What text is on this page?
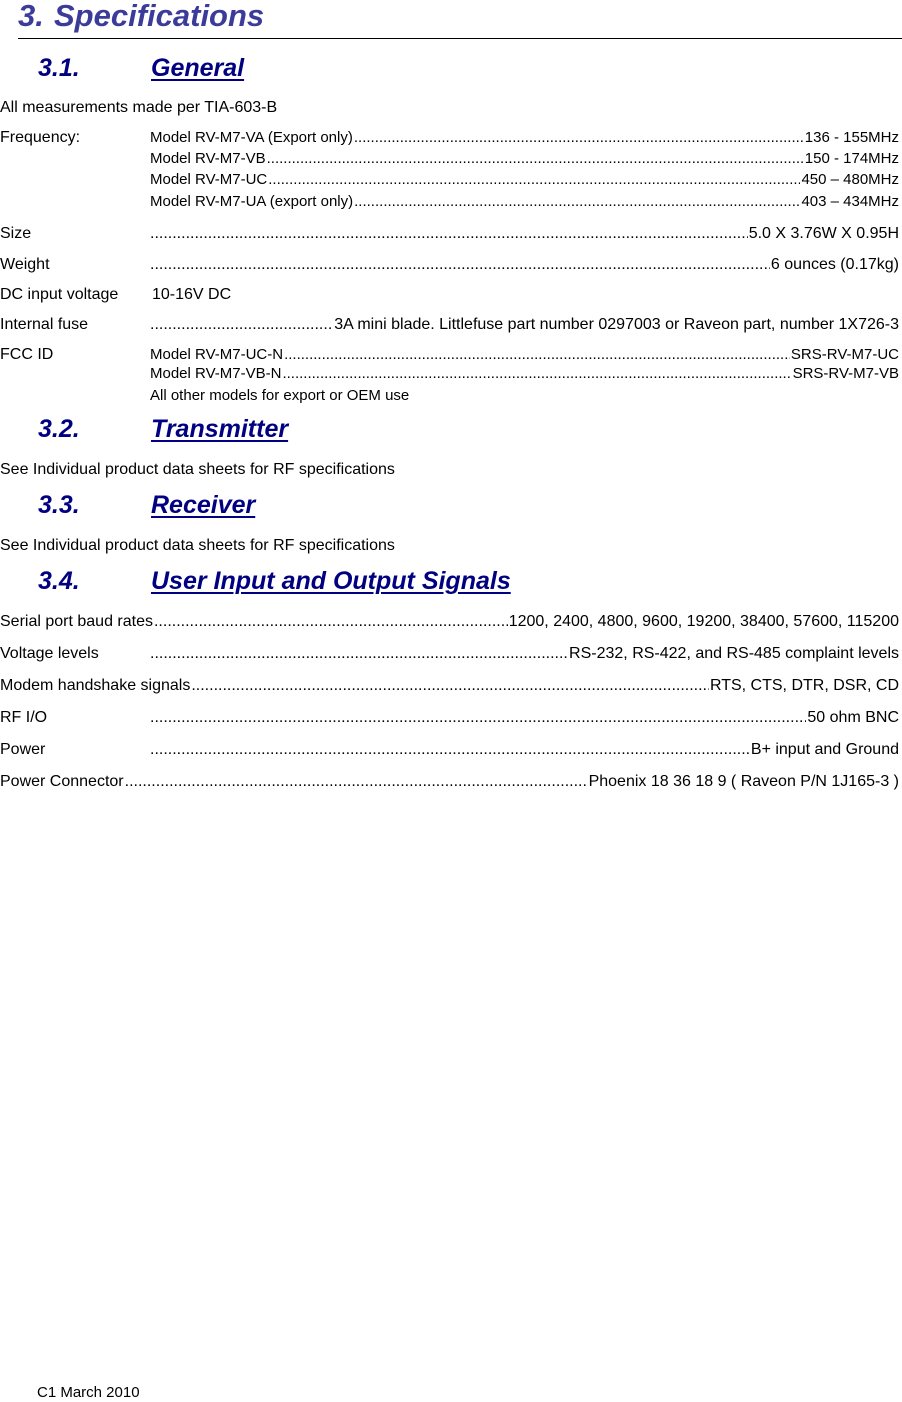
3. Specifications
3.1.	General
All measurements made per TIA-603-B
Frequency:	Model RV-M7-VA (Export only) .....	136 - 155MHz
Model RV-M7-VB .....	150 - 174MHz
Model RV-M7-UC .....	450 – 480MHz
Model RV-M7-UA (export only) .....	403 – 434MHz
Size .....	5.0 X 3.76W X 0.95H
Weight .....	6 ounces (0.17kg)
DC input voltage 10-16V DC
Internal fuse .....	3A mini blade. Littlefuse part number 0297003 or Raveon part, number 1X726-3
FCC ID	Model RV-M7-UC-N .....	SRS-RV-M7-UC
Model RV-M7-VB-N .....	SRS-RV-M7-VB
All other models for export or OEM use
3.2.	Transmitter
See Individual product data sheets for RF specifications
3.3.	Receiver
See Individual product data sheets for RF specifications
3.4.	User Input and Output Signals
Serial port baud rates .....	1200, 2400, 4800, 9600, 19200, 38400, 57600, 115200
Voltage levels .....	RS-232, RS-422, and RS-485 complaint levels
Modem handshake signals .....	RTS, CTS, DTR, DSR, CD
RF I/O .....	50 ohm BNC
Power .....	B+ input and Ground
Power Connector .....	Phoenix 18 36 18 9 ( Raveon P/N 1J165-3 )
C1 March 2010
